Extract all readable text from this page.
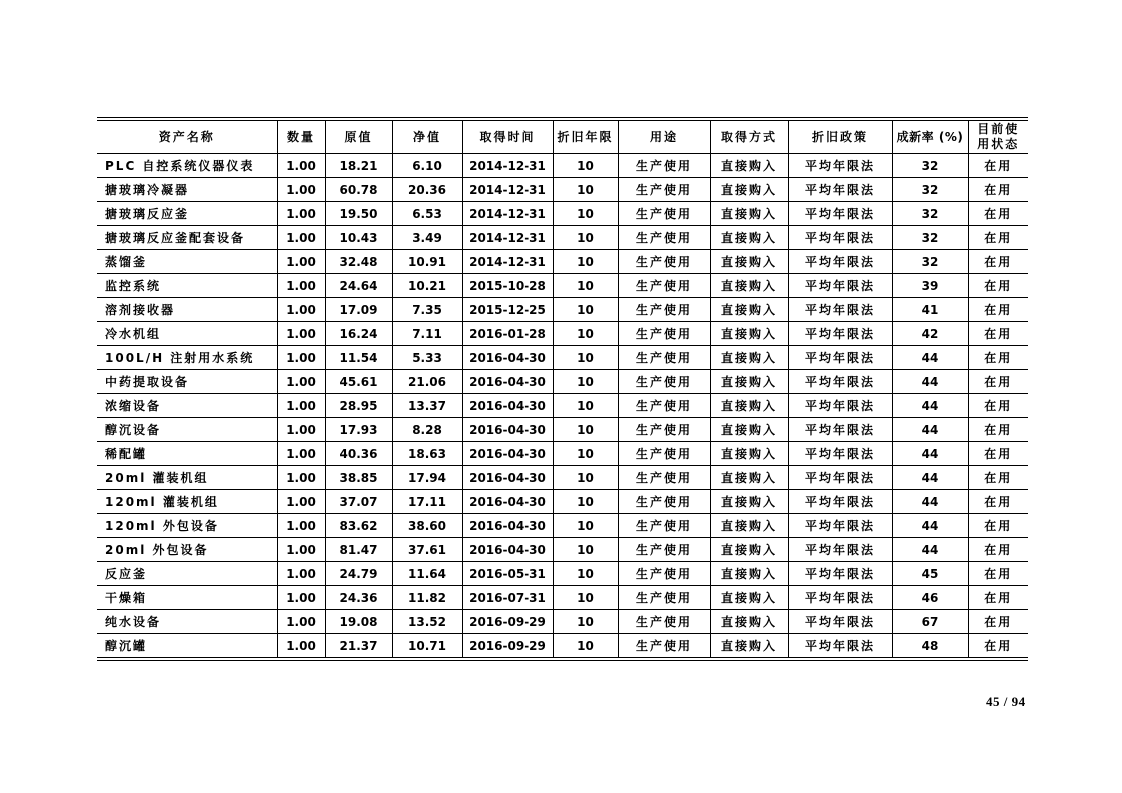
资产名称	数量	原值	净值	取得时间	折旧年限	用途	取得方式	折旧政策	成新率 (%)	目前使用状态
PLC 自控系统仪器仪表	1.00	18.21	6.10	2014-12-31	10	生产使用	直接购入	平均年限法	32	在用
搪玻璃冷凝器	1.00	60.78	20.36	2014-12-31	10	生产使用	直接购入	平均年限法	32	在用
搪玻璃反应釜	1.00	19.50	6.53	2014-12-31	10	生产使用	直接购入	平均年限法	32	在用
搪玻璃反应釜配套设备	1.00	10.43	3.49	2014-12-31	10	生产使用	直接购入	平均年限法	32	在用
蒸馏釜	1.00	32.48	10.91	2014-12-31	10	生产使用	直接购入	平均年限法	32	在用
监控系统	1.00	24.64	10.21	2015-10-28	10	生产使用	直接购入	平均年限法	39	在用
溶剂接收器	1.00	17.09	7.35	2015-12-25	10	生产使用	直接购入	平均年限法	41	在用
冷水机组	1.00	16.24	7.11	2016-01-28	10	生产使用	直接购入	平均年限法	42	在用
100L/H 注射用水系统	1.00	11.54	5.33	2016-04-30	10	生产使用	直接购入	平均年限法	44	在用
中药提取设备	1.00	45.61	21.06	2016-04-30	10	生产使用	直接购入	平均年限法	44	在用
浓缩设备	1.00	28.95	13.37	2016-04-30	10	生产使用	直接购入	平均年限法	44	在用
醇沉设备	1.00	17.93	8.28	2016-04-30	10	生产使用	直接购入	平均年限法	44	在用
稀配罐	1.00	40.36	18.63	2016-04-30	10	生产使用	直接购入	平均年限法	44	在用
20ml 灌装机组	1.00	38.85	17.94	2016-04-30	10	生产使用	直接购入	平均年限法	44	在用
120ml 灌装机组	1.00	37.07	17.11	2016-04-30	10	生产使用	直接购入	平均年限法	44	在用
120ml 外包设备	1.00	83.62	38.60	2016-04-30	10	生产使用	直接购入	平均年限法	44	在用
20ml 外包设备	1.00	81.47	37.61	2016-04-30	10	生产使用	直接购入	平均年限法	44	在用
反应釜	1.00	24.79	11.64	2016-05-31	10	生产使用	直接购入	平均年限法	45	在用
干燥箱	1.00	24.36	11.82	2016-07-31	10	生产使用	直接购入	平均年限法	46	在用
纯水设备	1.00	19.08	13.52	2016-09-29	10	生产使用	直接购入	平均年限法	67	在用
醇沉罐	1.00	21.37	10.71	2016-09-29	10	生产使用	直接购入	平均年限法	48	在用
45 / 94
